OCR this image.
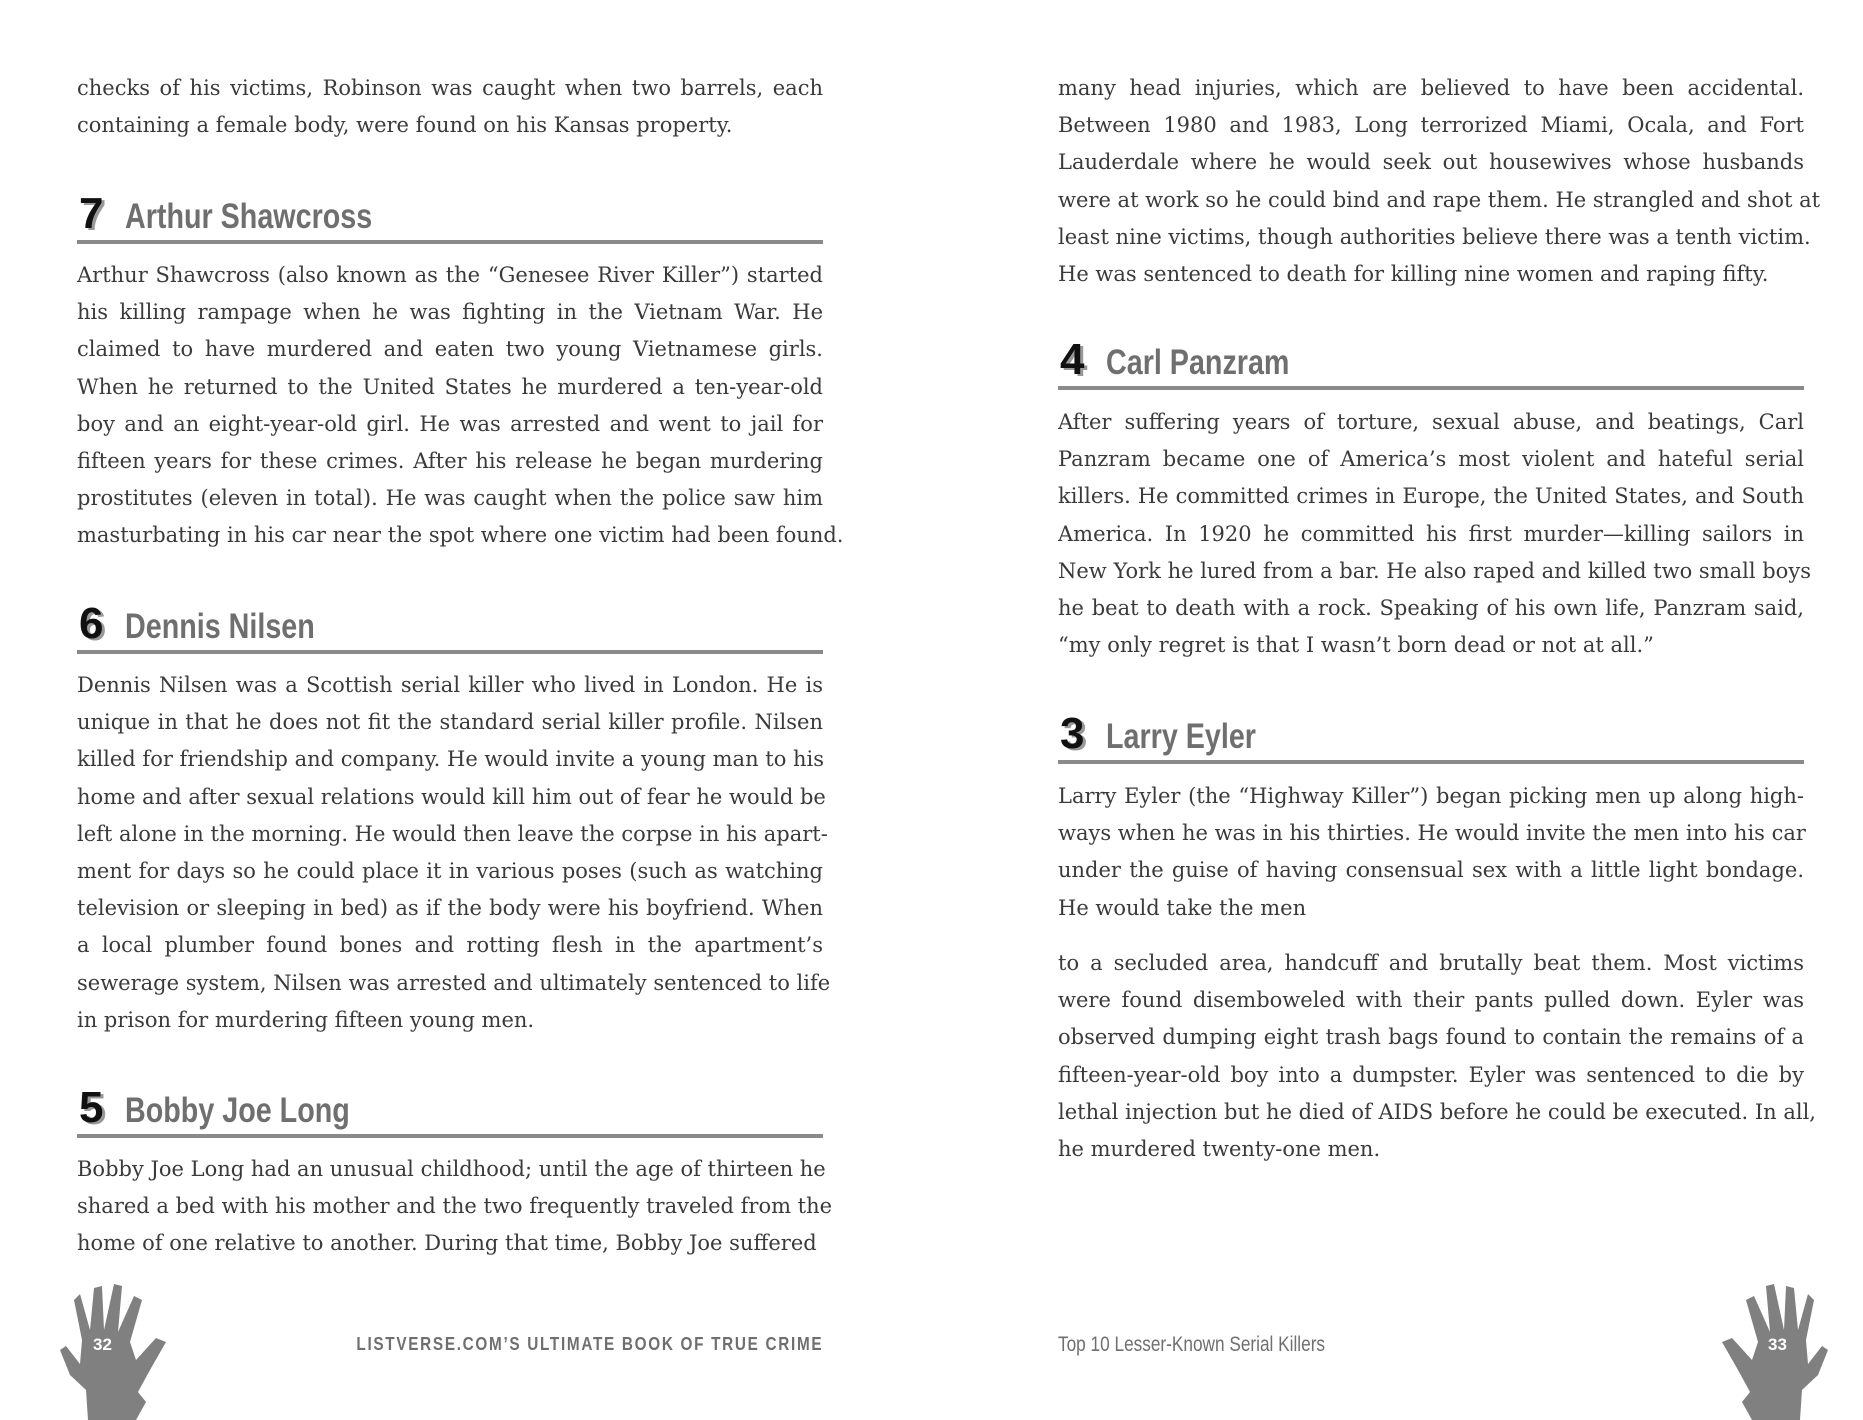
checks of his victims, Robinson was caught when two barrels, each
containing a female body, were found on his Kansas property.
7 Arthur Shawcross
Arthur Shawcross (also known as the “Genesee River Killer”) started
his killing rampage when he was fighting in the Vietnam War. He
claimed to have murdered and eaten two young Vietnamese girls.
When he returned to the United States he murdered a ten-year-old
boy and an eight-year-old girl. He was arrested and went to jail for
fifteen years for these crimes. After his release he began murdering
prostitutes (eleven in total). He was caught when the police saw him
masturbating in his car near the spot where one victim had been found.
6 Dennis Nilsen
Dennis Nilsen was a Scottish serial killer who lived in London. He is
unique in that he does not fit the standard serial killer profile. Nilsen
killed for friendship and company. He would invite a young man to his
home and after sexual relations would kill him out of fear he would be
left alone in the morning. He would then leave the corpse in his apart-
ment for days so he could place it in various poses (such as watching
television or sleeping in bed) as if the body were his boyfriend. When
a local plumber found bones and rotting flesh in the apartment’s
sewerage system, Nilsen was arrested and ultimately sentenced to life
in prison for murdering fifteen young men.
5 Bobby Joe Long
Bobby Joe Long had an unusual childhood; until the age of thirteen he
shared a bed with his mother and the two frequently traveled from the
home of one relative to another. During that time, Bobby Joe suffered
32	LISTVERSE.COM’S ULTIMATE BOOK OF TRUE CRIME
many head injuries, which are believed to have been accidental.
Between 1980 and 1983, Long terrorized Miami, Ocala, and Fort
Lauderdale where he would seek out housewives whose husbands
were at work so he could bind and rape them. He strangled and shot at
least nine victims, though authorities believe there was a tenth victim.
He was sentenced to death for killing nine women and raping fifty.
4 Carl Panzram
After suffering years of torture, sexual abuse, and beatings, Carl
Panzram became one of America’s most violent and hateful serial
killers. He committed crimes in Europe, the United States, and South
America. In 1920 he committed his first murder—killing sailors in
New York he lured from a bar. He also raped and killed two small boys
he beat to death with a rock. Speaking of his own life, Panzram said,
“my only regret is that I wasn’t born dead or not at all.”
3 Larry Eyler
Larry Eyler (the “Highway Killer”) began picking men up along high-
ways when he was in his thirties. He would invite the men into his car
under the guise of having consensual sex with a little light bondage.
He would take the men
to a secluded area, handcuff and brutally beat them. Most victims
were found disemboweled with their pants pulled down. Eyler was
observed dumping eight trash bags found to contain the remains of a
fifteen-year-old boy into a dumpster. Eyler was sentenced to die by
lethal injection but he died of AIDS before he could be executed. In all,
he murdered twenty-one men.
33
Top 10 Lesser-Known Serial Killers
